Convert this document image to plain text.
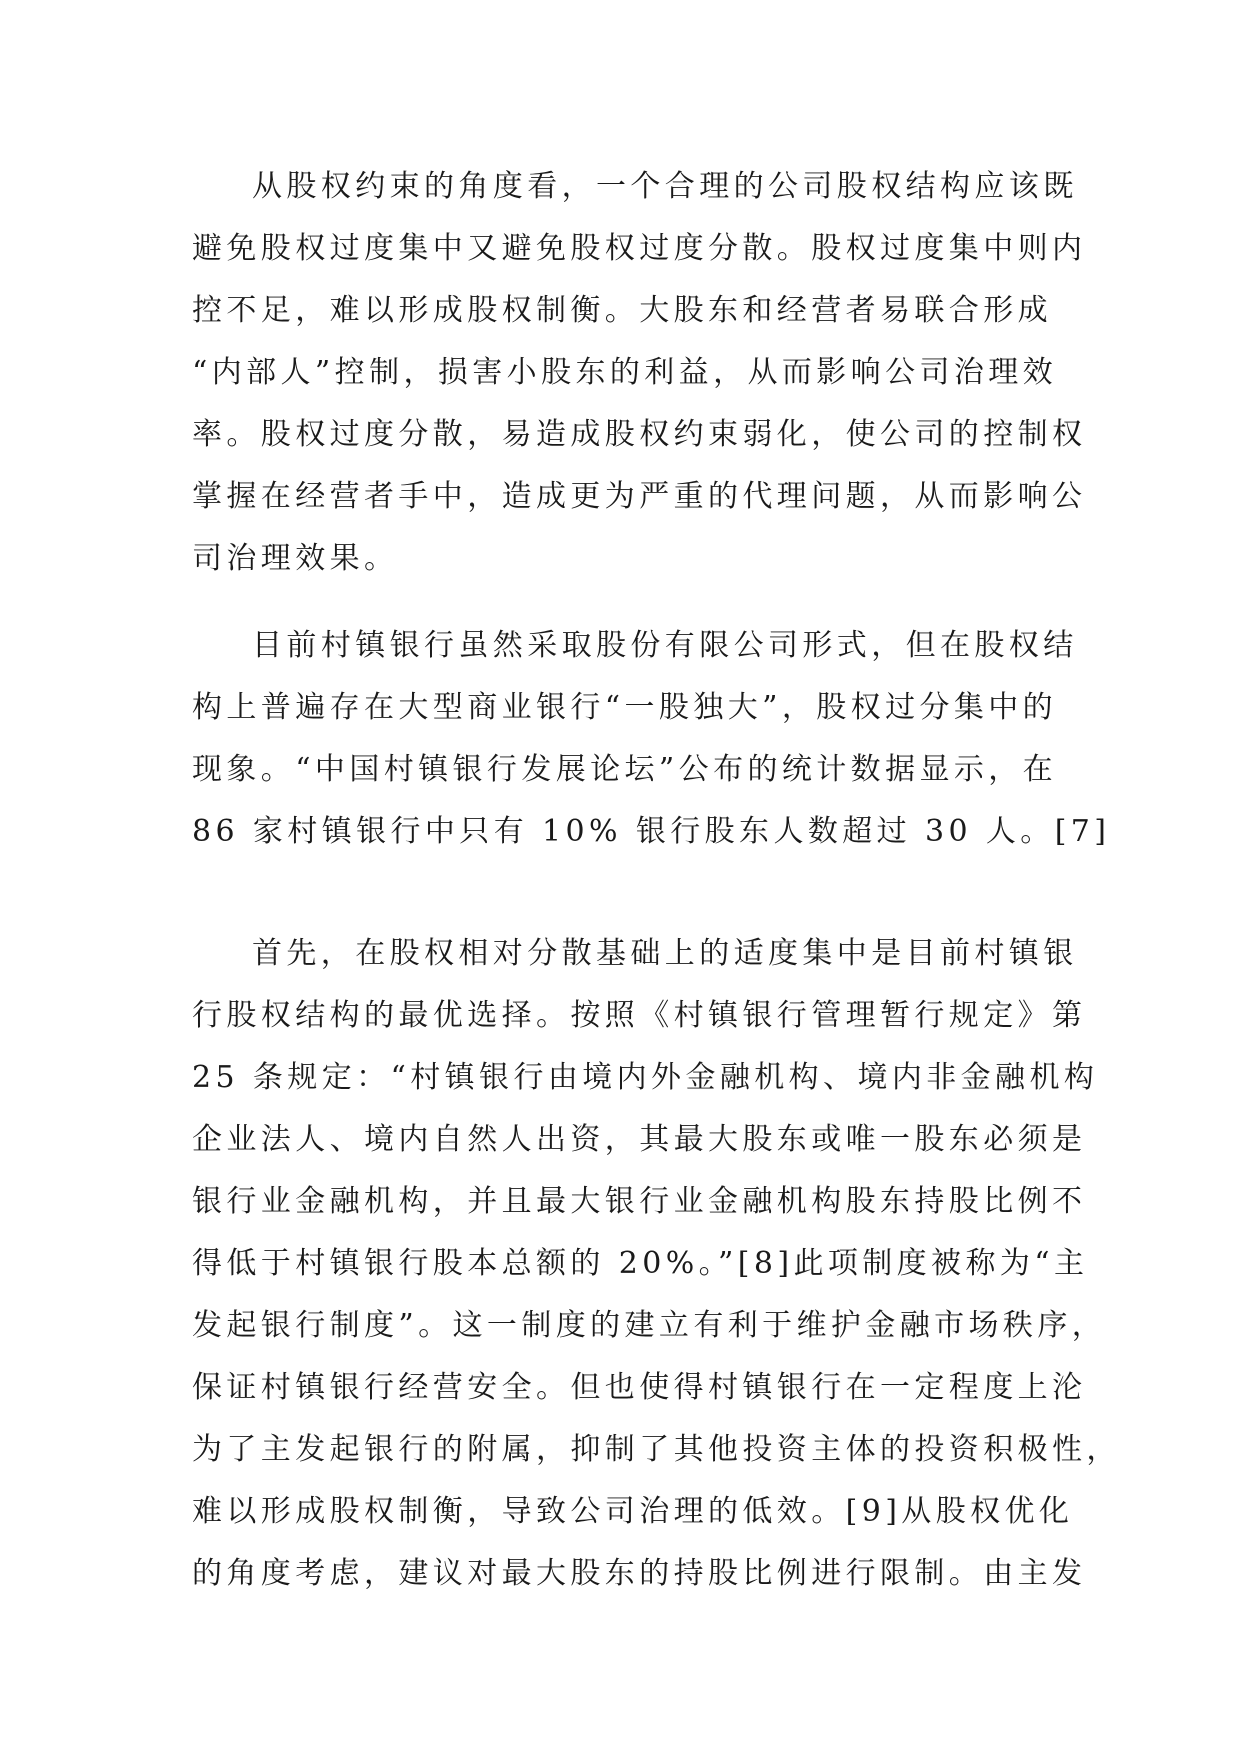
从股权约束的角度看，一个合理的公司股权结构应该既
避免股权过度集中又避免股权过度分散。股权过度集中则内
控不足，难以形成股权制衡。大股东和经营者易联合形成
“内部人”控制，损害小股东的利益，从而影响公司治理效
率。股权过度分散，易造成股权约束弱化，使公司的控制权
掌握在经营者手中，造成更为严重的代理问题，从而影响公
司治理效果。
目前村镇银行虽然采取股份有限公司形式，但在股权结
构上普遍存在大型商业银行“一股独大”，股权过分集中的
现象。“中国村镇银行发展论坛”公布的统计数据显示，在
86 家村镇银行中只有 10% 银行股东人数超过 30 人。[7]
首先，在股权相对分散基础上的适度集中是目前村镇银
行股权结构的最优选择。按照《村镇银行管理暂行规定》第
25 条规定：“村镇银行由境内外金融机构、境内非金融机构
企业法人、境内自然人出资，其最大股东或唯一股东必须是
银行业金融机构，并且最大银行业金融机构股东持股比例不
得低于村镇银行股本总额的 20%。”[8]此项制度被称为“主
发起银行制度”。这一制度的建立有利于维护金融市场秩序，
保证村镇银行经营安全。但也使得村镇银行在一定程度上沦
为了主发起银行的附属，抑制了其他投资主体的投资积极性，
难以形成股权制衡，导致公司治理的低效。[9]从股权优化
的角度考虑，建议对最大股东的持股比例进行限制。由主发
